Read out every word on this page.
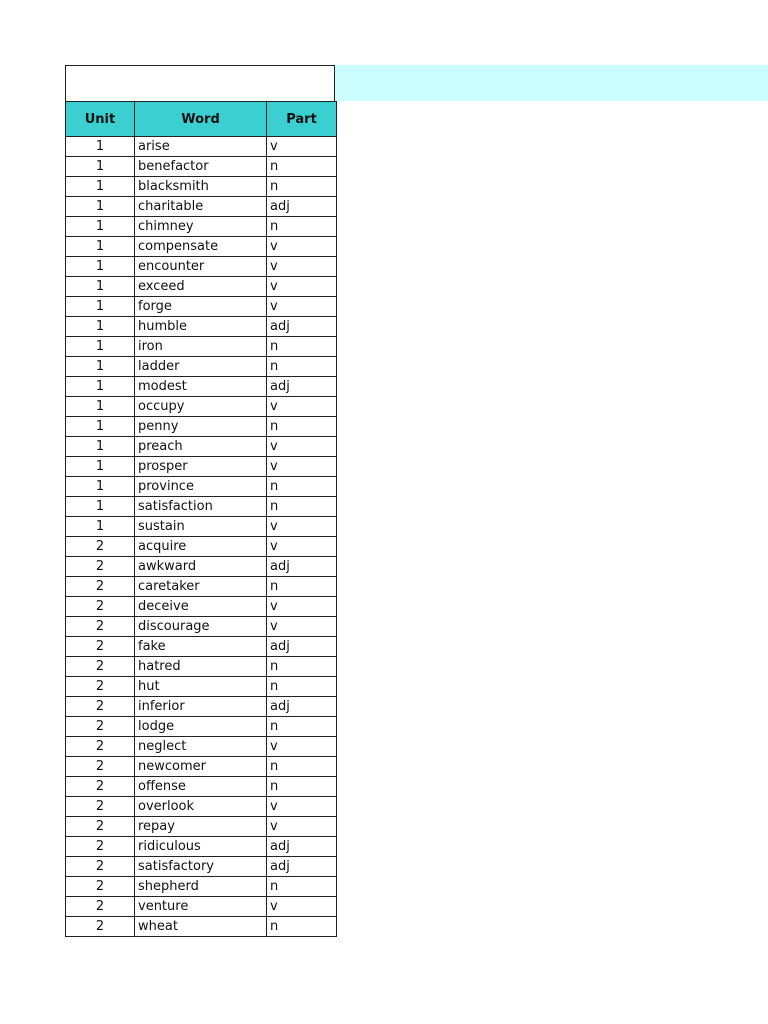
Unit	Word	Part
1	arise	v
1	benefactor	n
1	blacksmith	n
1	charitable	adj
1	chimney	n
1	compensate	v
1	encounter	v
1	exceed	v
1	forge	v
1	humble	adj
1	iron	n
1	ladder	n
1	modest	adj
1	occupy	v
1	penny	n
1	preach	v
1	prosper	v
1	province	n
1	satisfaction	n
1	sustain	v
2	acquire	v
2	awkward	adj
2	caretaker	n
2	deceive	v
2	discourage	v
2	fake	adj
2	hatred	n
2	hut	n
2	inferior	adj
2	lodge	n
2	neglect	v
2	newcomer	n
2	offense	n
2	overlook	v
2	repay	v
2	ridiculous	adj
2	satisfactory	adj
2	shepherd	n
2	venture	v
2	wheat	n
